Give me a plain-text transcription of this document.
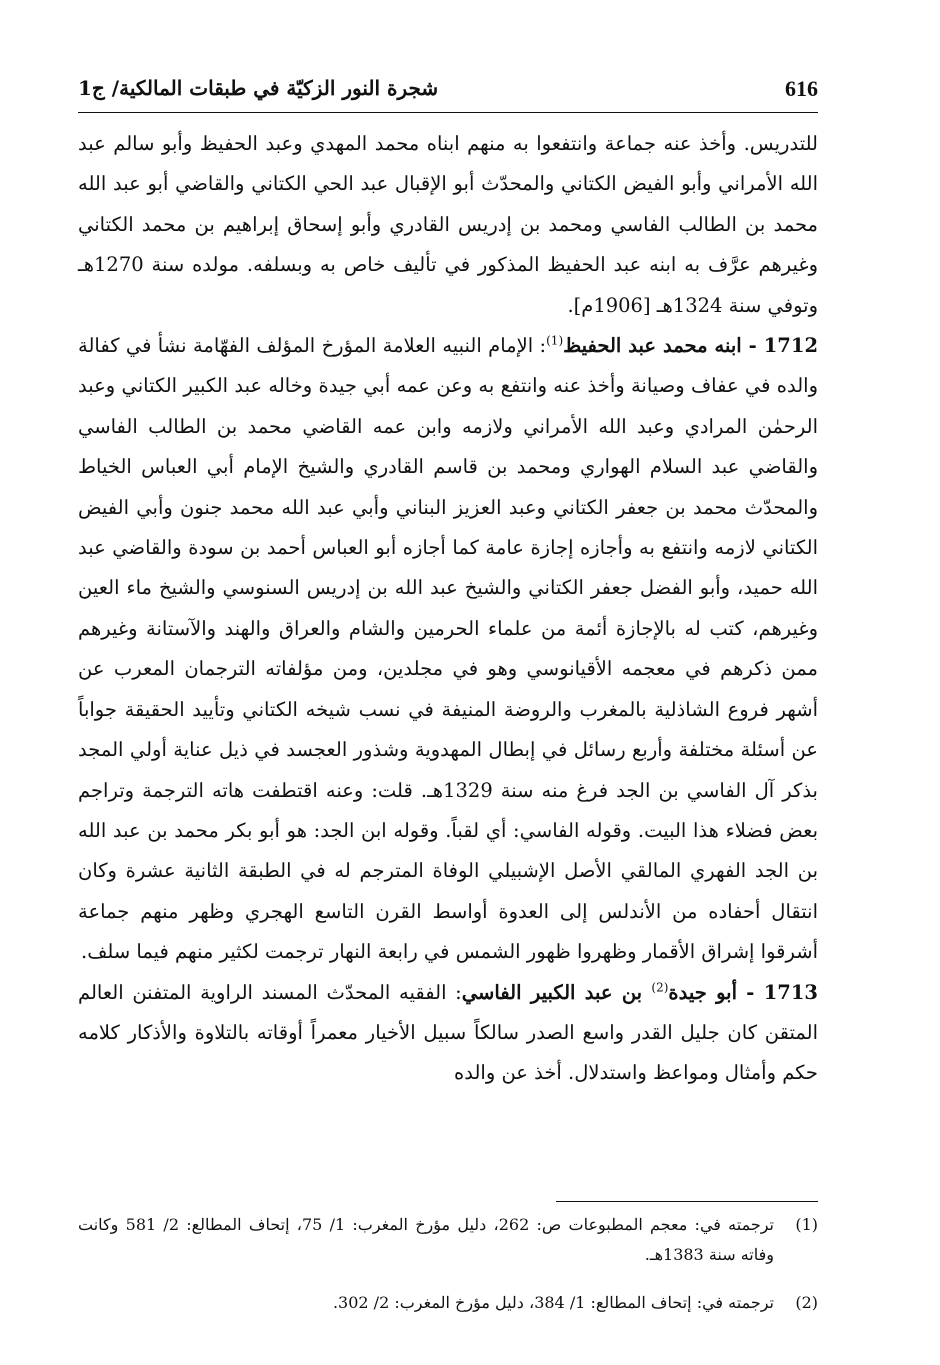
616
شجرة النور الزكيّة في طبقات المالكية/ ج1

للتدريس. وأخذ عنه جماعة وانتفعوا به منهم ابناه محمد المهدي وعبد الحفيظ وأبو سالم عبد الله الأمراني وأبو الفيض الكتاني والمحدّث أبو الإقبال عبد الحي الكتاني والقاضي أبو عبد الله محمد بن الطالب الفاسي ومحمد بن إدريس القادري وأبو إسحاق إبراهيم بن محمد الكتاني وغيرهم عرَّف به ابنه عبد الحفيظ المذكور في تأليف خاص به وبسلفه. مولده سنة 1270هـ وتوفي سنة 1324هـ [1906م].

1712 - ابنه محمد عبد الحفيظ$^{(1)}$: الإمام النبيه العلامة المؤرخ المؤلف الفهّامة نشأ في كفالة والده في عفاف وصيانة وأخذ عنه وانتفع به وعن عمه أبي جيدة وخاله عبد الكبير الكتاني وعبد الرحمٰن المرادي وعبد الله الأمراني ولازمه وابن عمه القاضي محمد بن الطالب الفاسي والقاضي عبد السلام الهواري ومحمد بن قاسم القادري والشيخ الإمام أبي العباس الخياط والمحدّث محمد بن جعفر الكتاني وعبد العزيز البناني وأبي عبد الله محمد جنون وأبي الفيض الكتاني لازمه وانتفع به وأجازه إجازة عامة كما أجازه أبو العباس أحمد بن سودة والقاضي عبد الله حميد، وأبو الفضل جعفر الكتاني والشيخ عبد الله بن إدريس السنوسي والشيخ ماء العين وغيرهم، كتب له بالإجازة أئمة من علماء الحرمين والشام والعراق والهند والآستانة وغيرهم ممن ذكرهم في معجمه الأقيانوسي وهو في مجلدين، ومن مؤلفاته الترجمان المعرب عن أشهر فروع الشاذلية بالمغرب والروضة المنيفة في نسب شيخه الكتاني وتأييد الحقيقة جواباً عن أسئلة مختلفة وأربع رسائل في إبطال المهدوية وشذور العجسد في ذيل عناية أولي المجد بذكر آل الفاسي بن الجد فرغ منه سنة 1329هـ. قلت: وعنه اقتطفت هاته الترجمة وتراجم بعض فضلاء هذا البيت. وقوله الفاسي: أي لقباً. وقوله ابن الجد: هو أبو بكر محمد بن عبد الله بن الجد الفهري المالقي الأصل الإشبيلي الوفاة المترجم له في الطبقة الثانية عشرة وكان انتقال أحفاده من الأندلس إلى العدوة أواسط القرن التاسع الهجري وظهر منهم جماعة أشرقوا إشراق الأقمار وظهروا ظهور الشمس في رابعة النهار ترجمت لكثير منهم فيما سلف.

1713 - أبو جيدة$^{(2)}$ بن عبد الكبير الفاسي: الفقيه المحدّث المسند الراوية المتفنن العالم المتقن كان جليل القدر واسع الصدر سالكاً سبيل الأخيار معمراً أوقاته بالتلاوة والأذكار كلامه حكم وأمثال ومواعظ واستدلال. أخذ عن والده

(1)
ترجمته في: معجم المطبوعات ص: 262، دليل مؤرخ المغرب: 1/ 75، إتحاف المطالع: 2/ 581 وكانت وفاته سنة 1383هـ.

(2)
ترجمته في: إتحاف المطالع: 1/ 384، دليل مؤرخ المغرب: 2/ 302.
